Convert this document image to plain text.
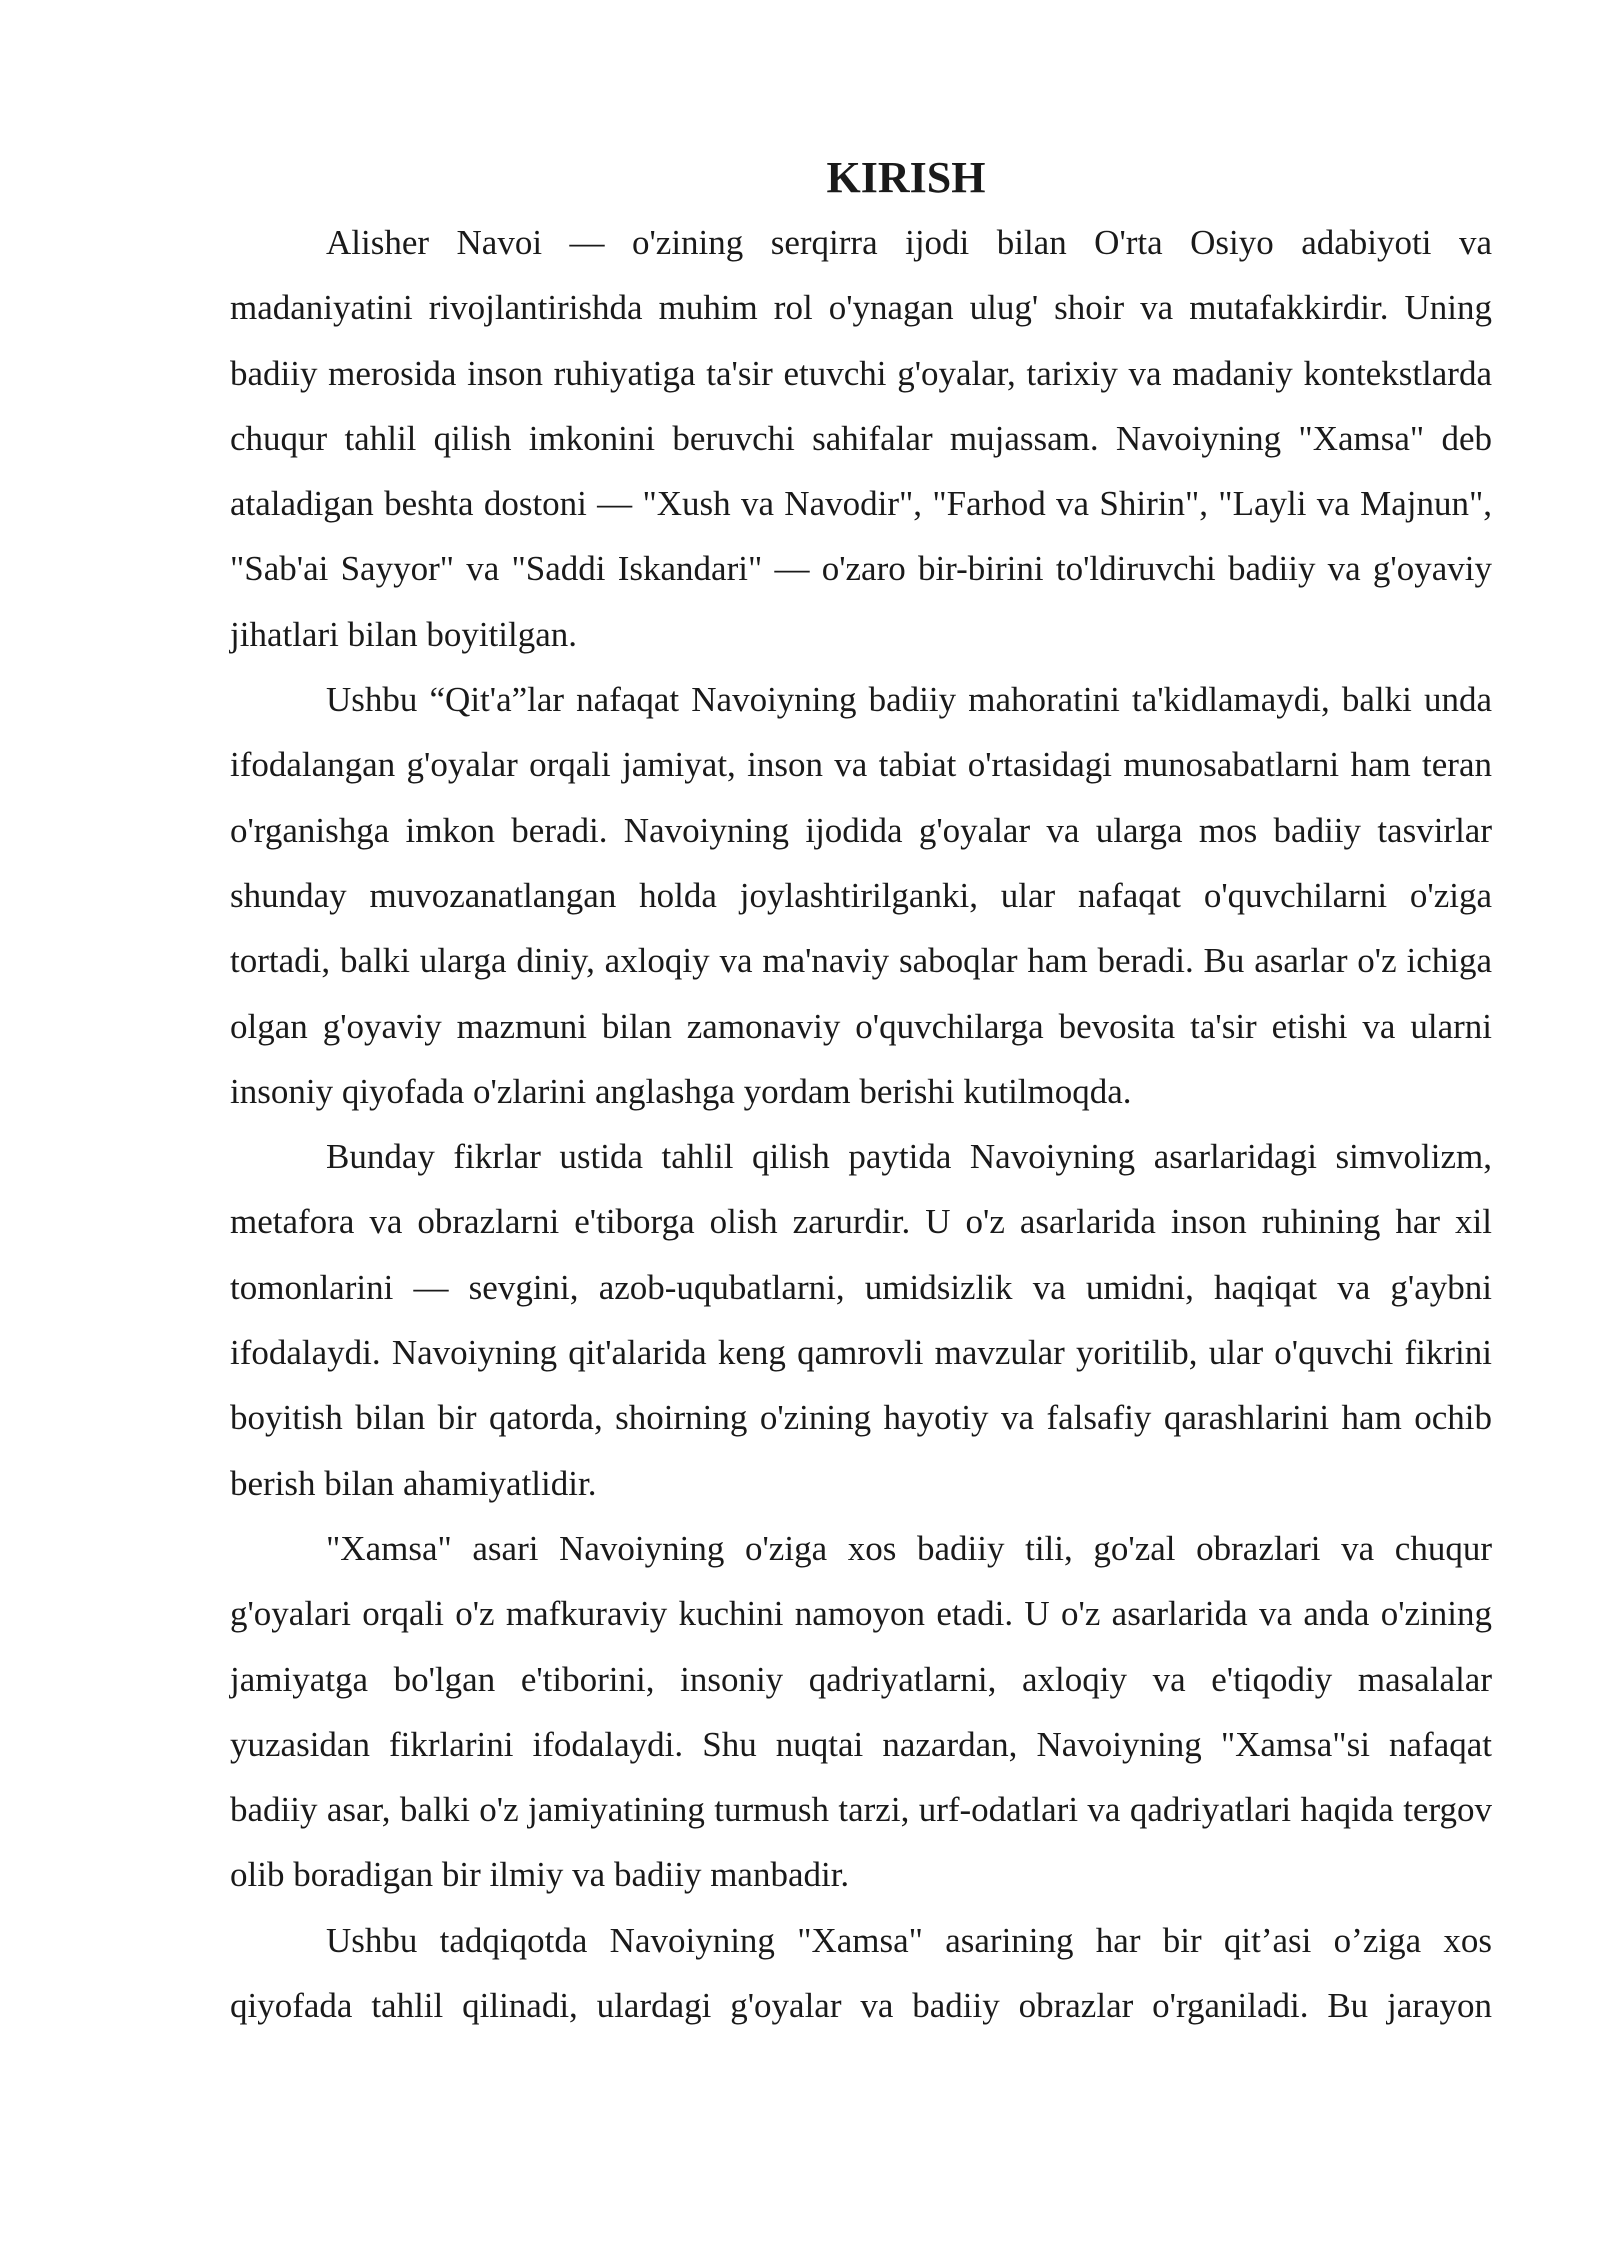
KIRISH

Alisher Navoi — o'zining serqirra ijodi bilan O'rta Osiyo adabiyoti va madaniyatini rivojlantirishda muhim rol o'ynagan ulug' shoir va mutafakkirdir. Uning badiiy merosida inson ruhiyatiga ta'sir etuvchi g'oyalar, tarixiy va madaniy kontekstlarda chuqur tahlil qilish imkonini beruvchi sahifalar mujassam. Navoiyning "Xamsa" deb ataladigan beshta dostoni — "Xush va Navodir", "Farhod va Shirin", "Layli va Majnun", "Sab'ai Sayyor" va "Saddi Iskandari" — o'zaro bir-birini to'ldiruvchi badiiy va g'oyaviy jihatlari bilan boyitilgan.

Ushbu “Qit'a”lar nafaqat Navoiyning badiiy mahoratini ta'kidlamaydi, balki unda ifodalangan g'oyalar orqali jamiyat, inson va tabiat o'rtasidagi munosabatlarni ham teran o'rganishga imkon beradi. Navoiyning ijodida g'oyalar va ularga mos badiiy tasvirlar shunday muvozanatlangan holda joylashtirilganki, ular nafaqat o'quvchilarni o'ziga tortadi, balki ularga diniy, axloqiy va ma'naviy saboqlar ham beradi. Bu asarlar o'z ichiga olgan g'oyaviy mazmuni bilan zamonaviy o'quvchilarga bevosita ta'sir etishi va ularni insoniy qiyofada o'zlarini anglashga yordam berishi kutilmoqda.

Bunday fikrlar ustida tahlil qilish paytida Navoiyning asarlaridagi simvolizm, metafora va obrazlarni e'tiborga olish zarurdir. U o'z asarlarida inson ruhining har xil tomonlarini — sevgini, azob-uqubatlarni, umidsizlik va umidni, haqiqat va g'aybni ifodalaydi. Navoiyning qit'alarida keng qamrovli mavzular yoritilib, ular o'quvchi fikrini boyitish bilan bir qatorda, shoirning o'zining hayotiy va falsafiy qarashlarini ham ochib berish bilan ahamiyatlidir.

"Xamsa" asari Navoiyning o'ziga xos badiiy tili, go'zal obrazlari va chuqur g'oyalari orqali o'z mafkuraviy kuchini namoyon etadi. U o'z asarlarida va anda o'zining jamiyatga bo'lgan e'tiborini, insoniy qadriyatlarni, axloqiy va e'tiqodiy masalalar yuzasidan fikrlarini ifodalaydi. Shu nuqtai nazardan, Navoiyning "Xamsa"si nafaqat badiiy asar, balki o'z jamiyatining turmush tarzi, urf-odatlari va qadriyatlari haqida tergov olib boradigan bir ilmiy va badiiy manbadir.

Ushbu tadqiqotda Navoiyning "Xamsa" asarining har bir qit’asi o’ziga xos qiyofada tahlil qilinadi, ulardagi g'oyalar va badiiy obrazlar o'rganiladi. Bu jarayon
